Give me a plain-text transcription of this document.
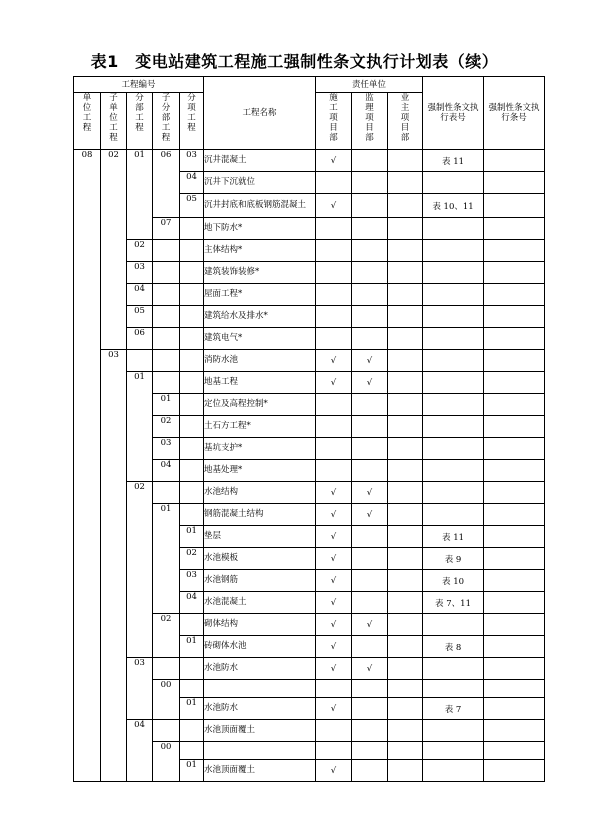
表1　变电站建筑工程施工强制性条文执行计划表（续）
工程编号					工程名称	责任单位			强制性条文执行表号	强制性条文执行条号
单位工程	子单位工程	分部工程	子分部工程	分项工程		施工项目部	监理项目部	业主项目部		
08	02	01	06	03	沉井混凝土	√			表 11	
				04	沉井下沉就位					
				05	沉井封底和底板钢筋混凝土	√			表 10、11	
			07		地下防水*					
		02			主体结构*					
		03			建筑装饰装修*					
		04			屋面工程*					
		05			建筑给水及排水*					
		06			建筑电气*					
	03				消防水池	√	√			
		01			地基工程	√	√			
			01		定位及高程控制*					
			02		土石方工程*					
			03		基坑支护*					
			04		地基处理*					
		02			水池结构	√	√			
			01		钢筋混凝土结构	√	√			
				01	垫层	√			表 11	
				02	水池模板	√			表 9	
				03	水池钢筋	√			表 10	
				04	水池混凝土	√			表 7、11	
			02		砌体结构	√	√			
				01	砖砌体水池	√			表 8	
		03			水池防水	√	√			
			00							
				01	水池防水	√			表 7	
		04			水池顶面覆土					
			00							
				01	水池顶面覆土	√				
